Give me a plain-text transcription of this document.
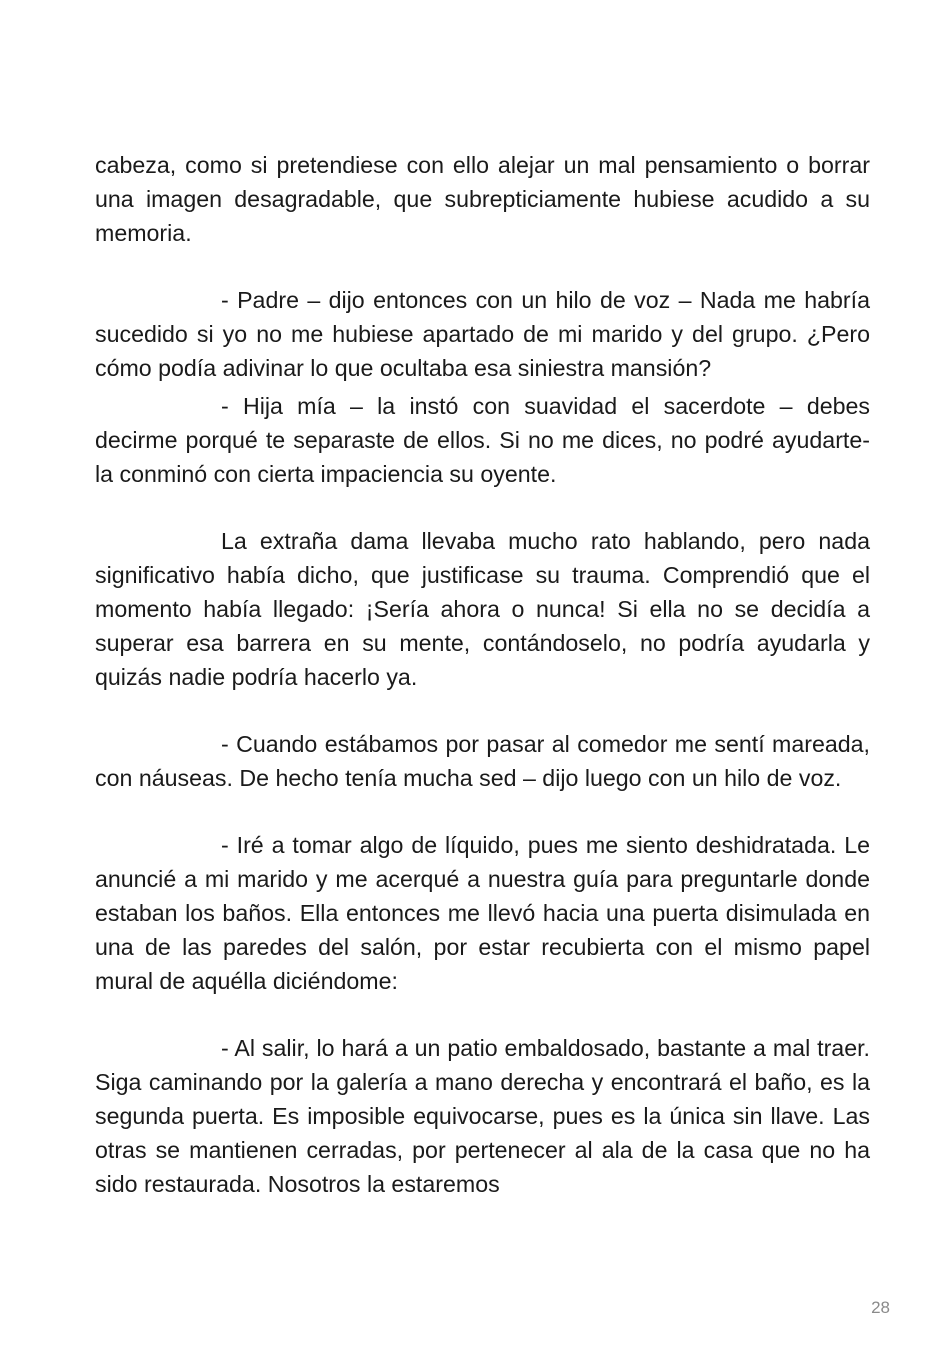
cabeza, como si pretendiese con ello alejar un mal pensamiento o borrar una imagen desagradable, que subrepticiamente hubiese acudido a su memoria.

- Padre – dijo entonces con un hilo de voz – Nada me habría sucedido si yo no me hubiese apartado de mi marido y del grupo. ¿Pero cómo podía adivinar lo que ocultaba esa siniestra mansión?

- Hija mía – la instó con suavidad el sacerdote – debes decirme porqué te separaste de ellos. Si no me dices, no podré ayudarte- la conminó con cierta impaciencia su oyente.

La extraña dama llevaba mucho rato hablando, pero nada significativo había dicho, que justificase su trauma. Comprendió que el momento había llegado: ¡Sería ahora o nunca! Si ella no se decidía a superar esa barrera en su mente, contándoselo, no podría ayudarla y quizás nadie podría hacerlo ya.

- Cuando estábamos por pasar al comedor me sentí mareada, con náuseas. De hecho tenía mucha sed – dijo luego con un hilo de voz.

- Iré a tomar algo de líquido, pues me siento deshidratada. Le anuncié a mi marido y me acerqué a nuestra guía para preguntarle donde estaban los baños. Ella entonces me llevó hacia una puerta disimulada en una de las paredes del salón, por estar recubierta con el mismo papel mural de aquélla diciéndome:

- Al salir, lo hará a un patio embaldosado, bastante a mal traer. Siga caminando por la galería a mano derecha y encontrará el baño, es la segunda puerta. Es imposible equivocarse, pues es la única sin llave. Las otras se mantienen cerradas, por pertenecer al ala de la casa que no ha sido restaurada. Nosotros la estaremos

28
